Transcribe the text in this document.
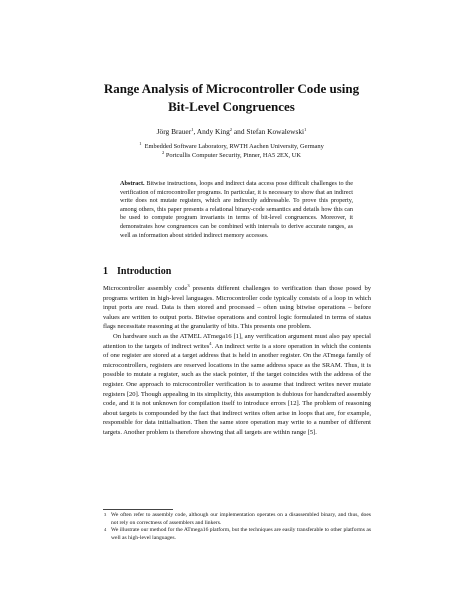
Range Analysis of Microcontroller Code using
Bit-Level Congruences
Jörg Brauer$^1$, Andy King$^2$ and Stefan Kowalewski$^1$
$^1$ Embedded Software Laboratory, RWTH Aachen University, Germany
$^2$ Portcullis Computer Security, Pinner, HA5 2EX, UK
Abstract. Bitwise instructions, loops and indirect data access pose difficult challenges to the verification of microcontroller programs. In particular, it is necessary to show that an indirect write does not mutate registers, which are indirectly addressable. To prove this property, among others, this paper presents a relational binary-code semantics and details how this can be used to compute program invariants in terms of bit-level congruences. Moreover, it demonstrates how congruences can be combined with intervals to derive accurate ranges, as well as information about strided indirect memory accesses.
1 Introduction

Microcontroller assembly code$^3$ presents different challenges to verification than those posed by programs written in high-level languages. Microcontroller code typically consists of a loop in which input ports are read. Data is then stored and processed – often using bitwise operations – before values are written to output ports. Bitwise operations and control logic formulated in terms of status flags necessitate reasoning at the granularity of bits. This presents one problem.

On hardware such as the ATMEL ATmega16 [1], any verification argument must also pay special attention to the targets of indirect writes$^4$. An indirect write is a store operation in which the contents of one register are stored at a target address that is held in another register. On the ATmega family of microcontrollers, registers are reserved locations in the same address space as the SRAM. Thus, it is possible to mutate a register, such as the stack pointer, if the target coincides with the address of the register. One approach to microcontroller verification is to assume that indirect writes never mutate registers [20]. Though appealing in its simplicity, this assumption is dubious for handcrafted assembly code, and it is not unknown for compilation itself to introduce errors [12]. The problem of reasoning about targets is compounded by the fact that indirect writes often arise in loops that are, for example, responsible for data initialisation. Then the same store operation may write to a number of different targets. Another problem is therefore showing that all targets are within range [5].

3 We often refer to assembly code, although our implementation operates on a disassembled binary, and thus, does not rely on correctness of assemblers and linkers.
4 We illustrate our method for the ATmega16 platform, but the techniques are easily transferable to other platforms as well as high-level languages.
